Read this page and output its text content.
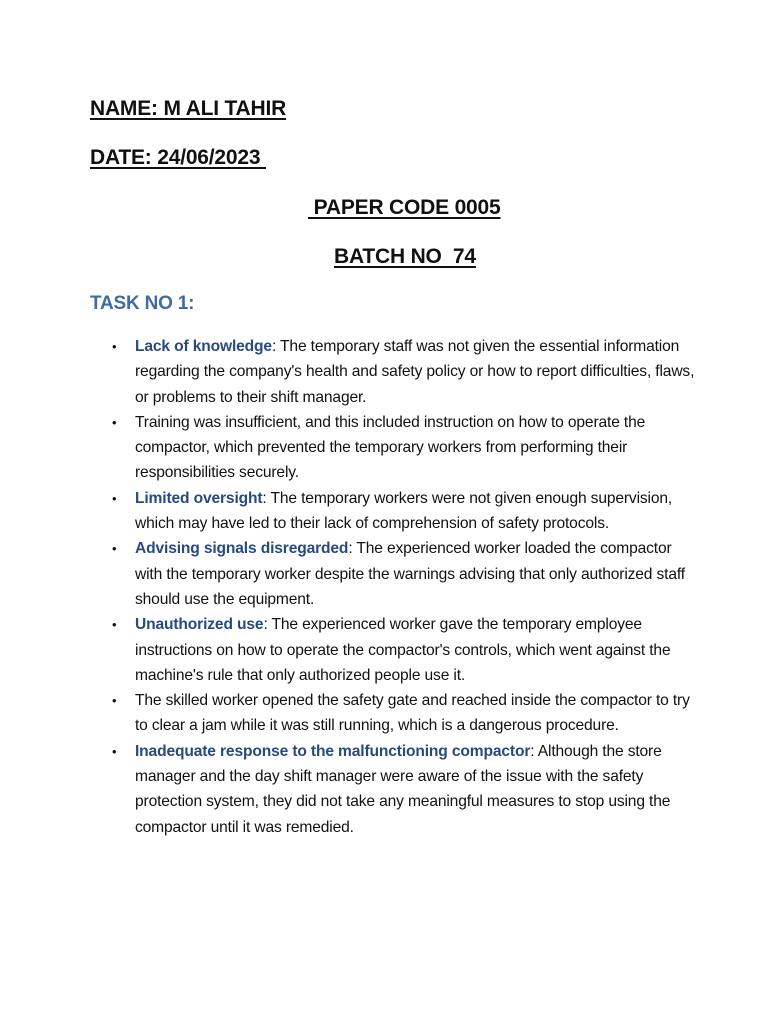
NAME: M ALI TAHIR
DATE: 24/06/2023
PAPER CODE 0005
BATCH NO  74
TASK NO 1:
• Lack of knowledge: The temporary staff was not given the essential information regarding the company's health and safety policy or how to report difficulties, flaws, or problems to their shift manager.
• Training was insufficient, and this included instruction on how to operate the compactor, which prevented the temporary workers from performing their responsibilities securely.
• Limited oversight: The temporary workers were not given enough supervision, which may have led to their lack of comprehension of safety protocols.
• Advising signals disregarded: The experienced worker loaded the compactor with the temporary worker despite the warnings advising that only authorized staff should use the equipment.
• Unauthorized use: The experienced worker gave the temporary employee instructions on how to operate the compactor's controls, which went against the machine's rule that only authorized people use it.
• The skilled worker opened the safety gate and reached inside the compactor to try to clear a jam while it was still running, which is a dangerous procedure.
• Inadequate response to the malfunctioning compactor: Although the store manager and the day shift manager were aware of the issue with the safety protection system, they did not take any meaningful measures to stop using the compactor until it was remedied.
